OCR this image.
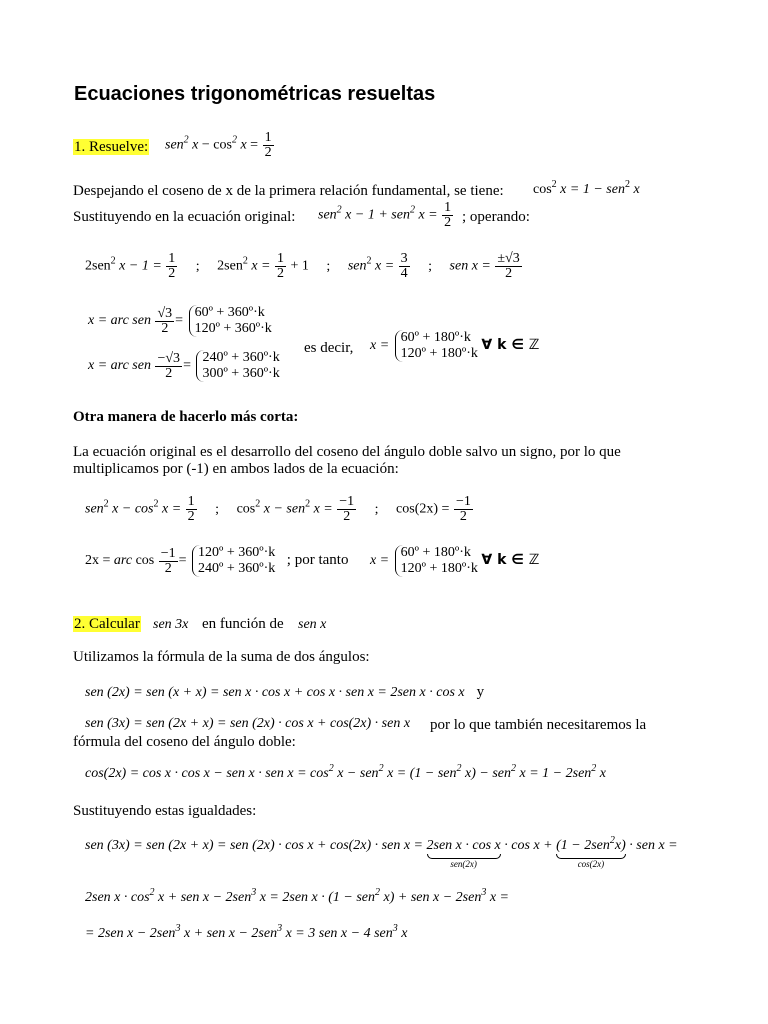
Ecuaciones trigonométricas resueltas
1. Resuelve: sen$^2$ $x - \cos^2 x = \frac{1}{2}$
Despejando el coseno de x de la primera relación fundamental, se tiene: $\cos^2 x = 1 - sen^2$ x
Sustituyendo en la ecuación original: sen$^2$ x − 1 + sen$^2$ $x = \frac{1}{2}$ ; operando:
2sen$^2$ $x - 1 = \frac{1}{2}$ ; 2sen$^2$ $x = \frac{1}{2} + 1$ ; sen$^2$ $x = \frac{3}{4}$ ; sen $x = \frac{\pm√3}{2}$
x = arc sen $\frac{√3}{2}$ =
60º + 360º·k
120º + 360º·k
x = arc sen $\frac{-√3}{2}$ =
240º + 360º·k
300º + 360º·k
es decir, x =
60º + 180º·k
120º + 180º·k
∀ k ∈ ℤ
Otra manera de hacerlo más corta:
La ecuación original es el desarrollo del coseno del ángulo doble salvo un signo, por lo que
multiplicamos por (-1) en ambos lados de la ecuación:
sen$^2$ $x - \cos^2 x = \frac{1}{2}$ ; $\cos^2 x - sen^2$ $x = \frac{-1}{2}$ ; $\cos(2x) = \frac{-1}{2}$
2x = arc $\cos \frac{-1}{2}$ =
120º + 360º·k
240º + 360º·k
; por tanto x =
60º + 180º·k
120º + 180º·k
∀ k ∈ ℤ
2. Calcular sen 3x en función de sen x
Utilizamos la fórmula de la suma de dos ángulos:
sen (2x) = sen (x + x) = sen x · cos x + cos x · sen x = 2sen x · cos x y
sen (3x) = sen (2x + x) = sen (2x) · cos x + cos(2x) · sen x por lo que también necesitaremos la
fórmula del coseno del ángulo doble:
cos(2x) = cos x · cos x − sen x · sen $x = \cos^2 x - sen^2$ x = (1 − sen$^2$ x) − sen$^2$ x = 1 − 2sen$^2$ x
Sustituyendo estas igualdades:
sen (3x) = sen (2x + x) = sen (2x) · cos x + cos(2x) · sen x = 2sen x · cos x
sen(2x)
· cos x + (1 − 2sen$^2$x)
cos(2x)
· sen x =
2sen $x \cdot \cos^2 x$ + sen x − 2sen$^3$ x = 2sen x · (1 − sen$^2$ x) + sen x − 2sen$^3$ x =
= 2sen x − 2sen$^3$ x + sen x − 2sen$^3$ x = 3 sen x − 4 sen$^3$ x
